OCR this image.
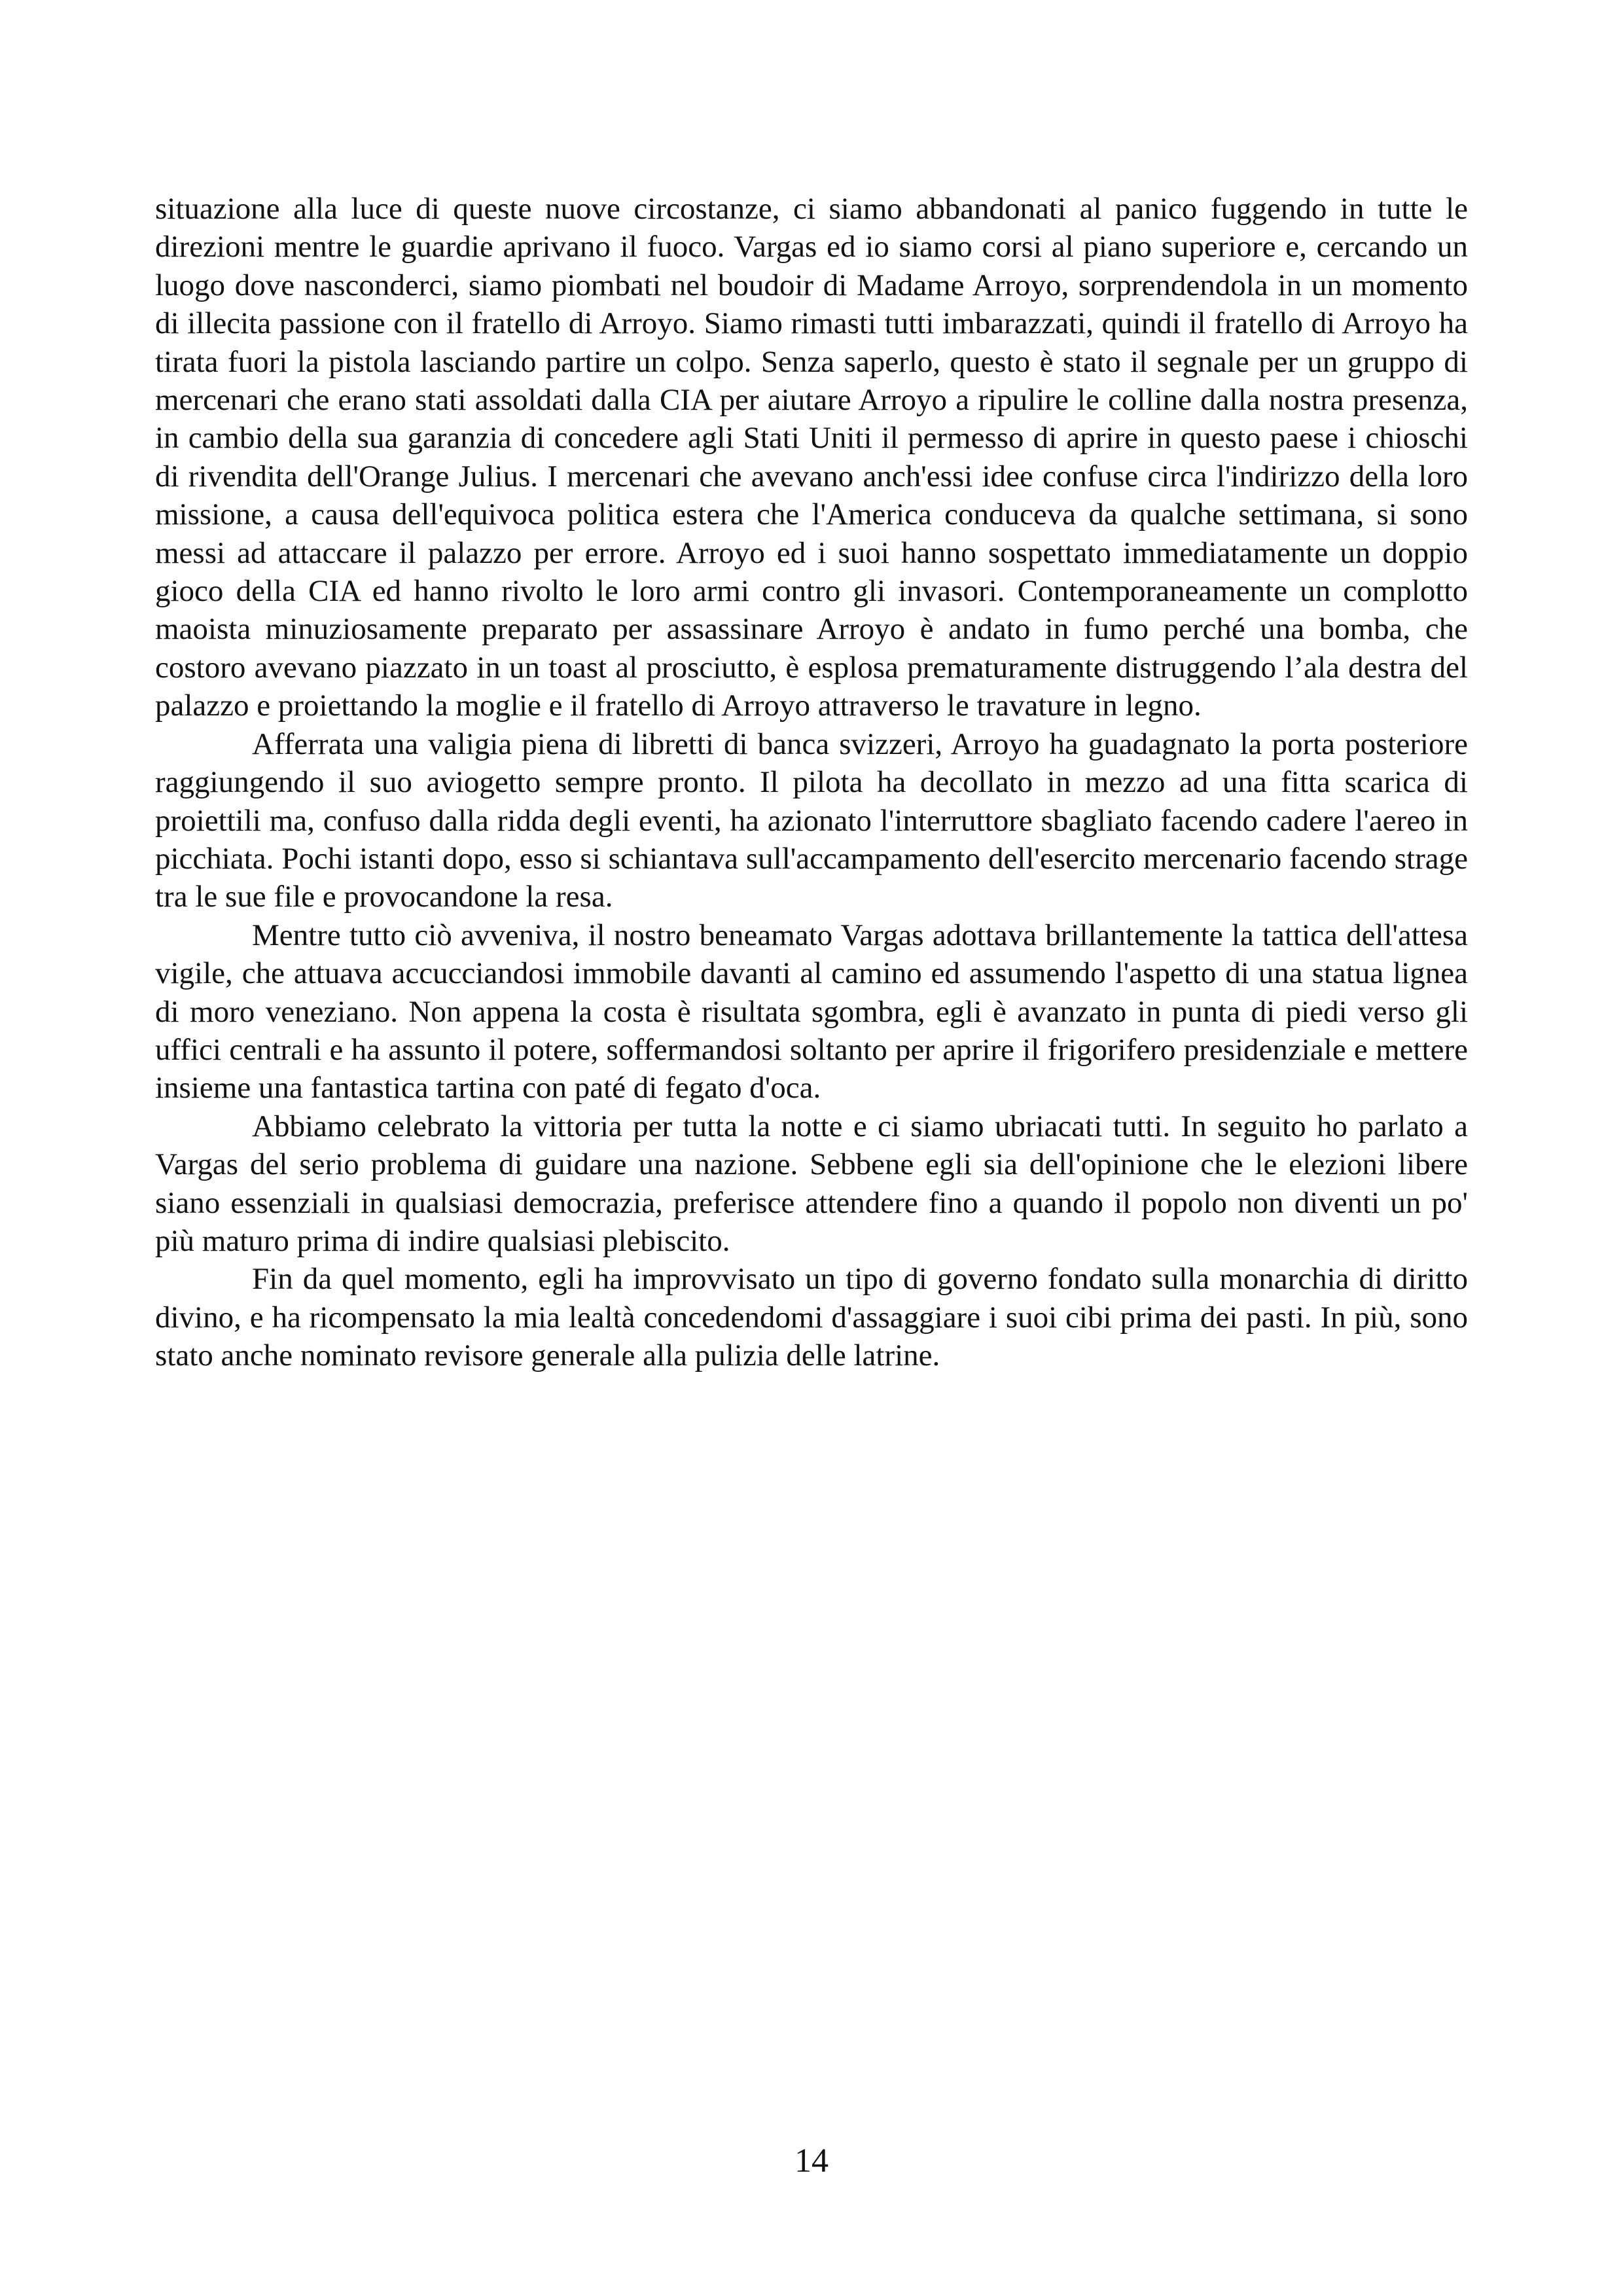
situazione alla luce di queste nuove circostanze, ci siamo abbandonati al panico fuggendo in tutte le direzioni mentre le guardie aprivano il fuoco. Vargas ed io siamo corsi al piano superiore e, cercando un luogo dove nasconderci, siamo piombati nel boudoir di Madame Arroyo, sorprendendola in un momento di illecita passione con il fratello di Arroyo. Siamo rimasti tutti imbarazzati, quindi il fratello di Arroyo ha tirata fuori la pistola lasciando partire un colpo. Senza saperlo, questo è stato il segnale per un gruppo di mercenari che erano stati assoldati dalla CIA per aiutare Arroyo a ripulire le colline dalla nostra presenza, in cambio della sua garanzia di concedere agli Stati Uniti il permesso di aprire in questo paese i chioschi di rivendita dell'Orange Julius. I mercenari che avevano anch'essi idee confuse circa l'indirizzo della loro missione, a causa dell'equivoca politica estera che l'America conduceva da qualche settimana, si sono messi ad attaccare il palazzo per errore. Arroyo ed i suoi hanno sospettato immediatamente un doppio gioco della CIA ed hanno rivolto le loro armi contro gli invasori. Contemporaneamente un complotto maoista minuziosamente preparato per assassinare Arroyo è andato in fumo perché una bomba, che costoro avevano piazzato in un toast al prosciutto, è esplosa prematuramente distruggendo l’ala destra del palazzo e proiettando la moglie e il fratello di Arroyo attraverso le travature in legno.

Afferrata una valigia piena di libretti di banca svizzeri, Arroyo ha guadagnato la porta posteriore raggiungendo il suo aviogetto sempre pronto. Il pilota ha decollato in mezzo ad una fitta scarica di proiettili ma, confuso dalla ridda degli eventi, ha azionato l'interruttore sbagliato facendo cadere l'aereo in picchiata. Pochi istanti dopo, esso si schiantava sull'accampamento dell'esercito mercenario facendo strage tra le sue file e provocandone la resa.

Mentre tutto ciò avveniva, il nostro beneamato Vargas adottava brillantemente la tattica dell'attesa vigile, che attuava accucciandosi immobile davanti al camino ed assumendo l'aspetto di una statua lignea di moro veneziano. Non appena la costa è risultata sgombra, egli è avanzato in punta di piedi verso gli uffici centrali e ha assunto il potere, soffermandosi soltanto per aprire il frigorifero presidenziale e mettere insieme una fantastica tartina con paté di fegato d'oca.

Abbiamo celebrato la vittoria per tutta la notte e ci siamo ubriacati tutti. In seguito ho parlato a Vargas del serio problema di guidare una nazione. Sebbene egli sia dell'opinione che le elezioni libere siano essenziali in qualsiasi democrazia, preferisce attendere fino a quando il popolo non diventi un po' più maturo prima di indire qualsiasi plebiscito.

Fin da quel momento, egli ha improvvisato un tipo di governo fondato sulla monarchia di diritto divino, e ha ricompensato la mia lealtà concedendomi d'assaggiare i suoi cibi prima dei pasti. In più, sono stato anche nominato revisore generale alla pulizia delle latrine.

14
